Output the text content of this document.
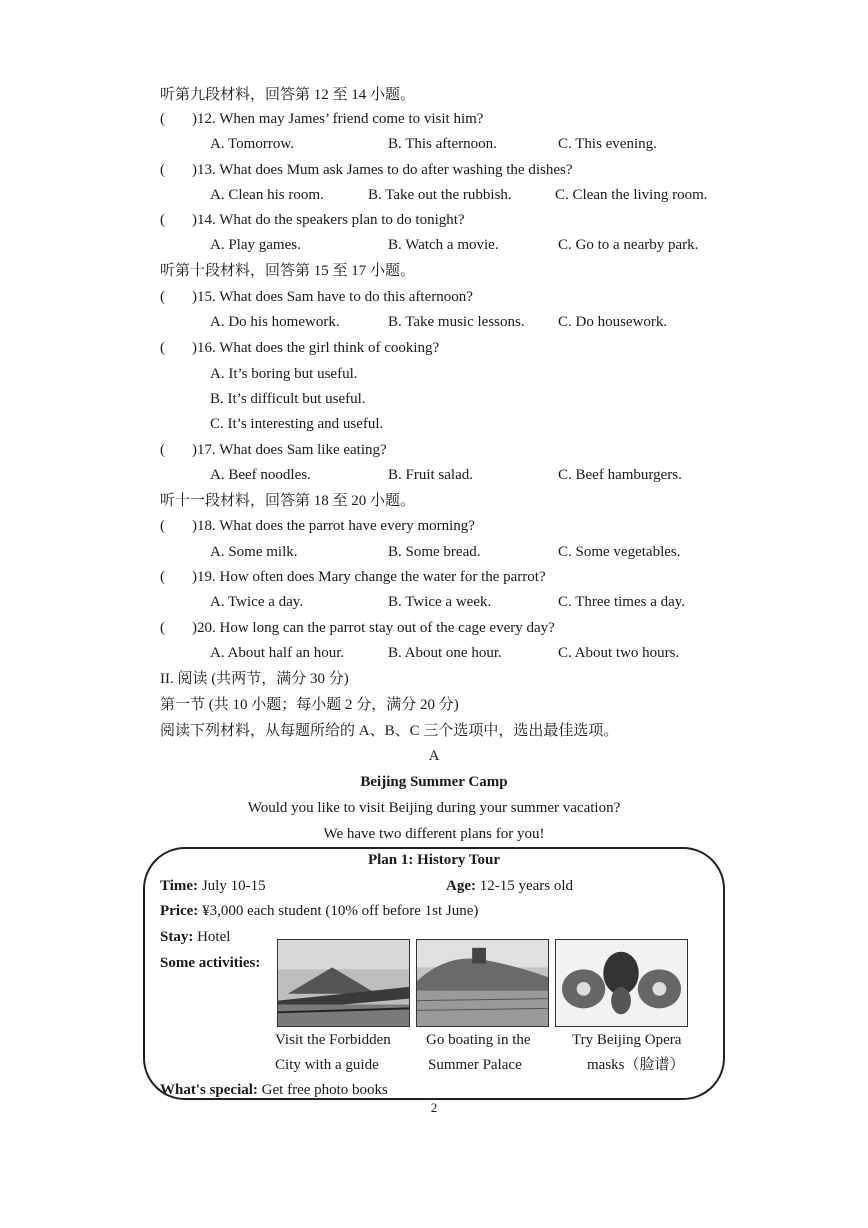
听第九段材料，回答第 12 至 14 小题。
( )12. When may James’ friend come to visit him?
A. Tomorrow.	B. This afternoon.	C. This evening.
( )13. What does Mum ask James to do after washing the dishes?
A. Clean his room.	B. Take out the rubbish.	C. Clean the living room.
( )14. What do the speakers plan to do tonight?
A. Play games.	B. Watch a movie.	C. Go to a nearby park.
听第十段材料，回答第 15 至 17 小题。
( )15. What does Sam have to do this afternoon?
A. Do his homework.	B. Take music lessons. C. Do housework.
( )16. What does the girl think of cooking?
A. It’s boring but useful.
B. It’s difficult but useful.
C. It’s interesting and useful.
( )17. What does Sam like eating?
A. Beef noodles.	B. Fruit salad.	C. Beef hamburgers.
听十一段材料，回答第 18 至 20 小题。
( )18. What does the parrot have every morning?
A. Some milk.	B. Some bread.	C. Some vegetables.
( )19. How often does Mary change the water for the parrot?
A. Twice a day.	B. Twice a week.	C. Three times a day.
( )20. How long can the parrot stay out of the cage every day?
A. About half an hour.	B. About one hour.	C. About two hours.
II. 阅读 (共两节，满分 30 分)
第一节 (共 10 小题；每小题 2 分，满分 20 分)
阅读下列材料，从每题所给的 A、B、C 三个选项中，选出最佳选项。
A
Beijing Summer Camp
Would you like to visit Beijing during your summer vacation?
We have two different plans for you!
Plan 1: History Tour
Time: July 10-15	Age: 12-15 years old
Price: ¥3,000 each student (10% off before 1st June)
Stay: Hotel
Some activities:
Visit the Forbidden
City with a guide
Go boating in the
Summer Palace
Try Beijing Opera
masks（脸谱）
What's special: Get free photo books
2
